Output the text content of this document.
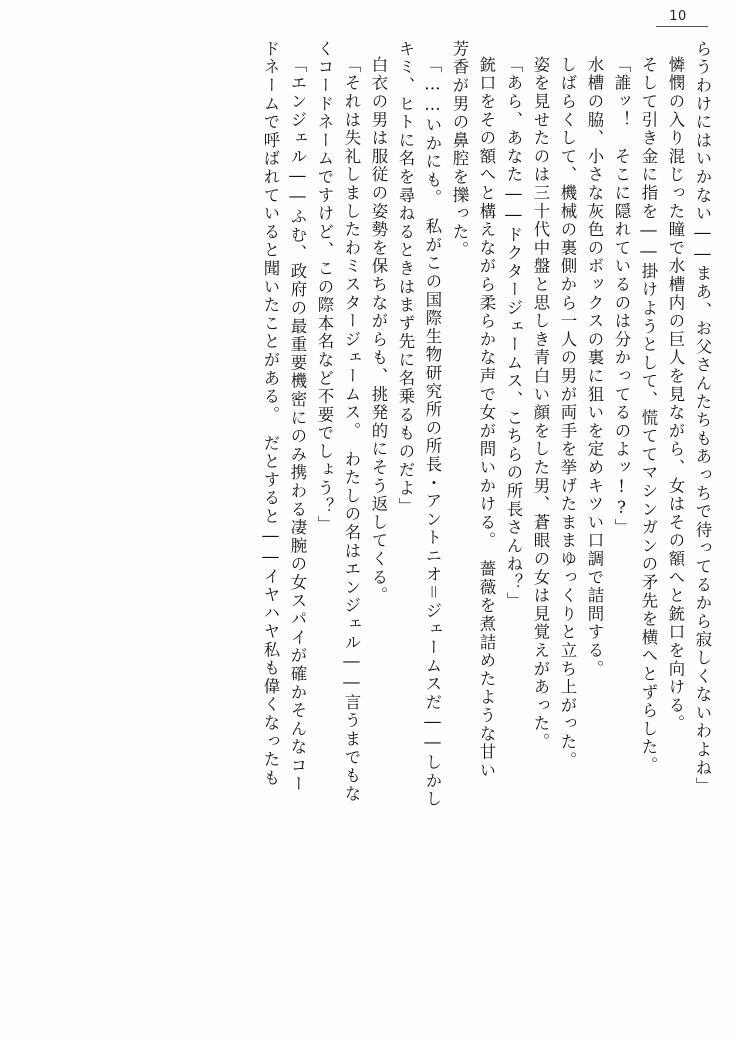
10
らうわけにはいかない――まあ、お父さんたちもあっちで待ってるから寂しくないわよね」
憐憫の入り混じった瞳で水槽内の巨人を見ながら、女はその額へと銃口を向ける。
そして引き金に指を――掛けようとして、慌ててマシンガンの矛先を横へとずらした。
「誰ッ！　そこに隠れているのは分かってるのよッ!?」
水槽の脇、小さな灰色のボックスの裏に狙いを定めキツい口調で詰問する。
しばらくして、機械の裏側から一人の男が両手を挙げたままゆっくりと立ち上がった。
姿を見せたのは三十代中盤と思しき青白い顔をした男、蒼眼の女は見覚えがあった。
「あら、あなた――ドクタージェームス、こちらの所長さんね？」
銃口をその額へと構えながら柔らかな声で女が問いかける。　薔薇を煮詰めたような甘い
芳香が男の鼻腔を擽った。
「……いかにも。　私がこの国際生物研究所の所長・アントニオ＝ジェームスだ――しかし
キミ、ヒトに名を尋ねるときはまず先に名乗るものだよ」
白衣の男は服従の姿勢を保ちながらも、挑発的にそう返してくる。
「それは失礼しましたわミスタージェームス。　わたしの名はエンジェル――言うまでもな
くコードネームですけど、この際本名など不要でしょう？」
「エンジェル――ふむ、政府の最重要機密にのみ携わる凄腕の女スパイが確かそんなコー
ドネームで呼ばれていると聞いたことがある。　だとすると――イヤハヤ私も偉くなったも
